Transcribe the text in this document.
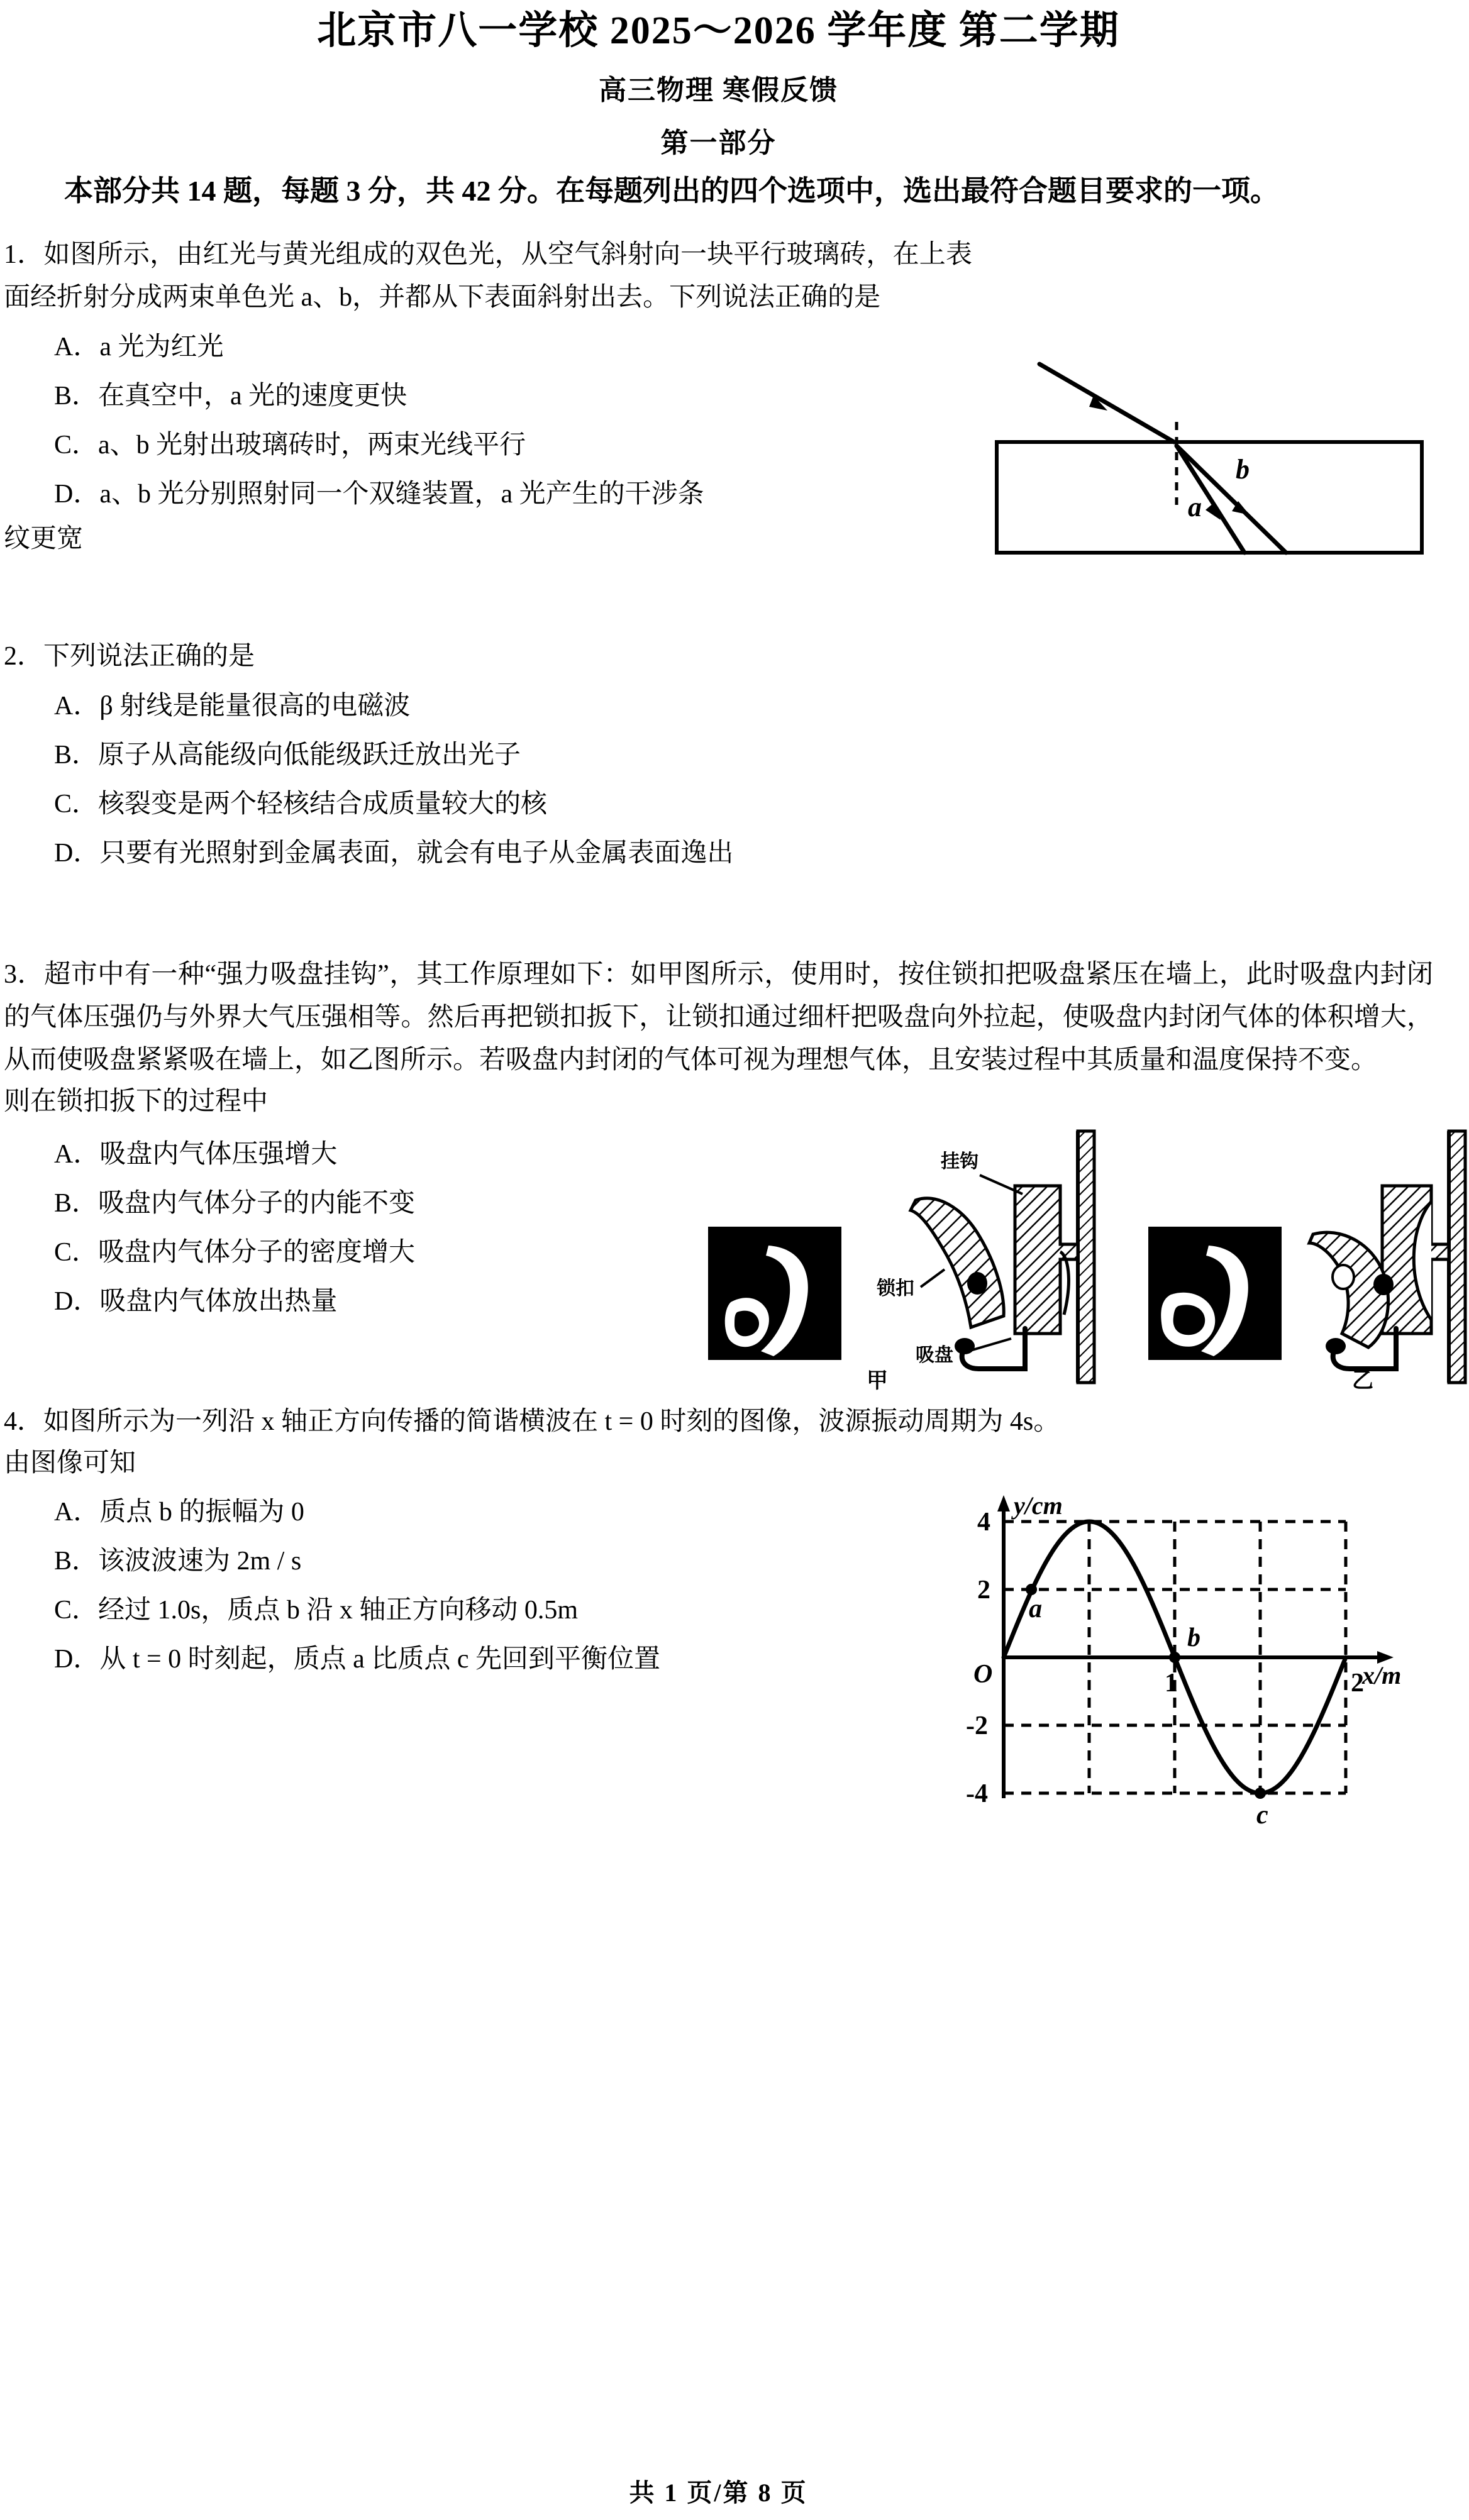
北京市八一学校 2025～2026 学年度 第二学期
高三物理 寒假反馈
第一部分
本部分共 14 题，每题 3 分，共 42 分。在每题列出的四个选项中，选出最符合题目要求的一项。
1．如图所示，由红光与黄光组成的双色光，从空气斜射向一块平行玻璃砖，在上表面经折射分成两束单色光 a、b，并都从下表面斜射出去。下列说法正确的是
A．a 光为红光
B．在真空中，a 光的速度更快
C．a、b 光射出玻璃砖时，两束光线平行
D．a、b 光分别照射同一个双缝装置，a 光产生的干涉条
纹更宽
a
b
2．下列说法正确的是
A．β 射线是能量很高的电磁波
B．原子从高能级向低能级跃迁放出光子
C．核裂变是两个轻核结合成质量较大的核
D．只要有光照射到金属表面，就会有电子从金属表面逸出
3．超市中有一种“强力吸盘挂钩”，其工作原理如下：如甲图所示，使用时，按住锁扣把吸盘紧压在墙上，此时吸盘内封闭的气体压强仍与外界大气压强相等。然后再把锁扣扳下，让锁扣通过细杆把吸盘向外拉起，使吸盘内封闭气体的体积增大，从而使吸盘紧紧吸在墙上，如乙图所示。若吸盘内封闭的气体可视为理想气体，且安装过程中其质量和温度保持不变。
则在锁扣扳下的过程中
A．吸盘内气体压强增大
B．吸盘内气体分子的内能不变
C．吸盘内气体分子的密度增大
D．吸盘内气体放出热量
挂钩
锁扣
吸盘
甲	乙
4．如图所示为一列沿 x 轴正方向传播的简谐横波在 t = 0 时刻的图像，波源振动周期为 4s。
由图像可知
A．质点 b 的振幅为 0
B．该波波速为 2m / s
C．经过 1.0s，质点 b 沿 x 轴正方向移动 0.5m
D．从 t = 0 时刻起，质点 a 比质点 c 先回到平衡位置
y/cm
x/m
O
4
2
-2
-4
1	2
a
b
c
共 1 页/第 8 页
